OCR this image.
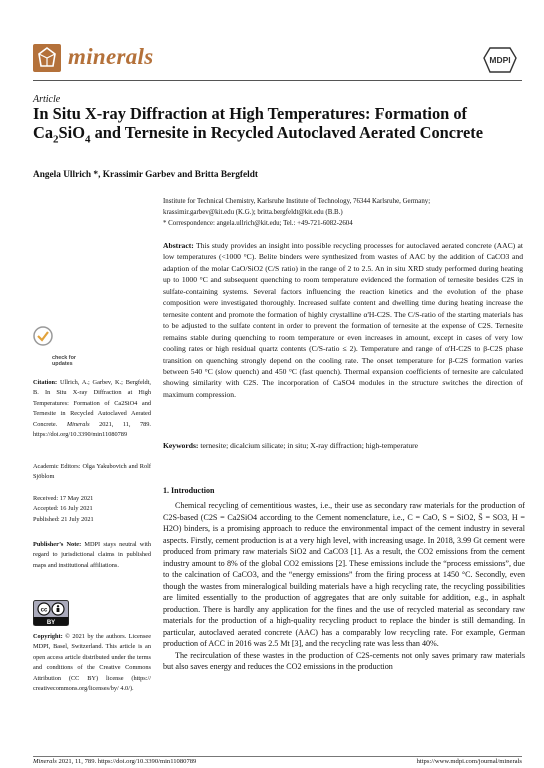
minerals	MDPI
Article
In Situ X-ray Diffraction at High Temperatures: Formation of $Ca_2SiO_4$ and Ternesite in Recycled Autoclaved Aerated Concrete
Angela Ullrich *, Krassimir Garbev and Britta Bergfeldt
Institute for Technical Chemistry, Karlsruhe Institute of Technology, 76344 Karlsruhe, Germany;
krassimir.garbev@kit.edu (K.G.); britta.bergfeldt@kit.edu (B.B.)
* Correspondence: angela.ullrich@kit.edu; Tel.: +49-721-6082-2604
Abstract: This study provides an insight into possible recycling processes for autoclaved aerated concrete (AAC) at low temperatures (<1000 °C). Belite binders were synthesized from wastes of AAC by the addition of CaCO3 and adaption of the molar CaO/SiO2 (C/S ratio) in the range of 2 to 2.5. An in situ XRD study performed during heating up to 1000 °C and subsequent quenching to room temperature evidenced the formation of ternesite besides C2S in sulfate-containing systems. Several factors influencing the reaction kinetics and the evolution of the phase composition were investigated thoroughly. Increased sulfate content and dwelling time during heating increase the ternesite content and promote the formation of highly crystalline α'H-C2S. The C/S-ratio of the starting materials has to be adjusted to the sulfate content in order to prevent the formation of ternesite at the expense of C2S. Ternesite remains stable during quenching to room temperature or even increases in amount, except in cases of very low cooling rates or high residual quartz contents (C/S-ratio ≤ 2). Temperature and range of α'H-C2S to β-C2S phase transition on quenching strongly depend on the cooling rate. The onset temperature for β-C2S formation varies between 540 °C (slow quench) and 450 °C (fast quench). Thermal expansion coefficients of ternesite are calculated showing similarity with C2S. The incorporation of CaSO4 modules in the structure switches the direction of maximum compression.
Keywords: ternesite; dicalcium silicate; in situ; X-ray diffraction; high-temperature
1. Introduction

Chemical recycling of cementitious wastes, i.e., their use as secondary raw materials for the production of C2S-based (C2S = Ca2SiO4 according to the Cement nomenclature, i.e., C = CaO, S = SiO2, S̄ = SO3, H = H2O) binders, is a promising approach to reduce the environmental impact of the cement industry in several aspects. Firstly, cement production is at a very high level, with increasing usage. In 2018, 3.99 Gt cement were produced from primary raw materials SiO2 and CaCO3 [1]. As a result, the CO2 emissions from the cement industry amount to 8% of the global CO2 emissions [2]. These emissions include the “process emissions”, due to the calcination of CaCO3, and the “energy emissions” from the firing process at 1450 °C. Secondly, even though the wastes from mineralogical building materials have a high recycling rate, the recycling possibilities are limited essentially to the production of aggregates that are only suitable for addition, e.g., in asphalt production. There is hardly any application for the fines and the use of recycled material as secondary raw materials for the production of a high-quality recycling product to replace the binder is still demanding. In particular, autoclaved aerated concrete (AAC) has a comparably low recycling rate. For example, German production of ACC in 2016 was 2.5 Mt [3], and the recycling rate was less than 40%.

The recirculation of these wastes in the production of C2S-cements not only saves primary raw materials but also saves energy and reduces the CO2 emissions in the production

check for
updates
Citation: Ullrich, A.; Garbev, K.; Bergfeldt, B. In Situ X-ray Diffraction at High Temperatures: Formation of Ca2SiO4 and Ternesite in Recycled Autoclaved Aerated Concrete. Minerals 2021, 11, 789. https://doi.org/10.3390/min11080789
Academic Editors: Olga Yakubovich and Rolf Sjöblom
Received: 17 May 2021
Accepted: 16 July 2021
Published: 21 July 2021
Publisher’s Note: MDPI stays neutral with regard to jurisdictional claims in published maps and institutional affiliations.
cc
BY
Copyright: © 2021 by the authors. Licensee MDPI, Basel, Switzerland. This article is an open access article distributed under the terms and conditions of the Creative Commons Attribution (CC BY) license (https:// creativecommons.org/licenses/by/ 4.0/).
Minerals 2021, 11, 789. https://doi.org/10.3390/min11080789	https://www.mdpi.com/journal/minerals
